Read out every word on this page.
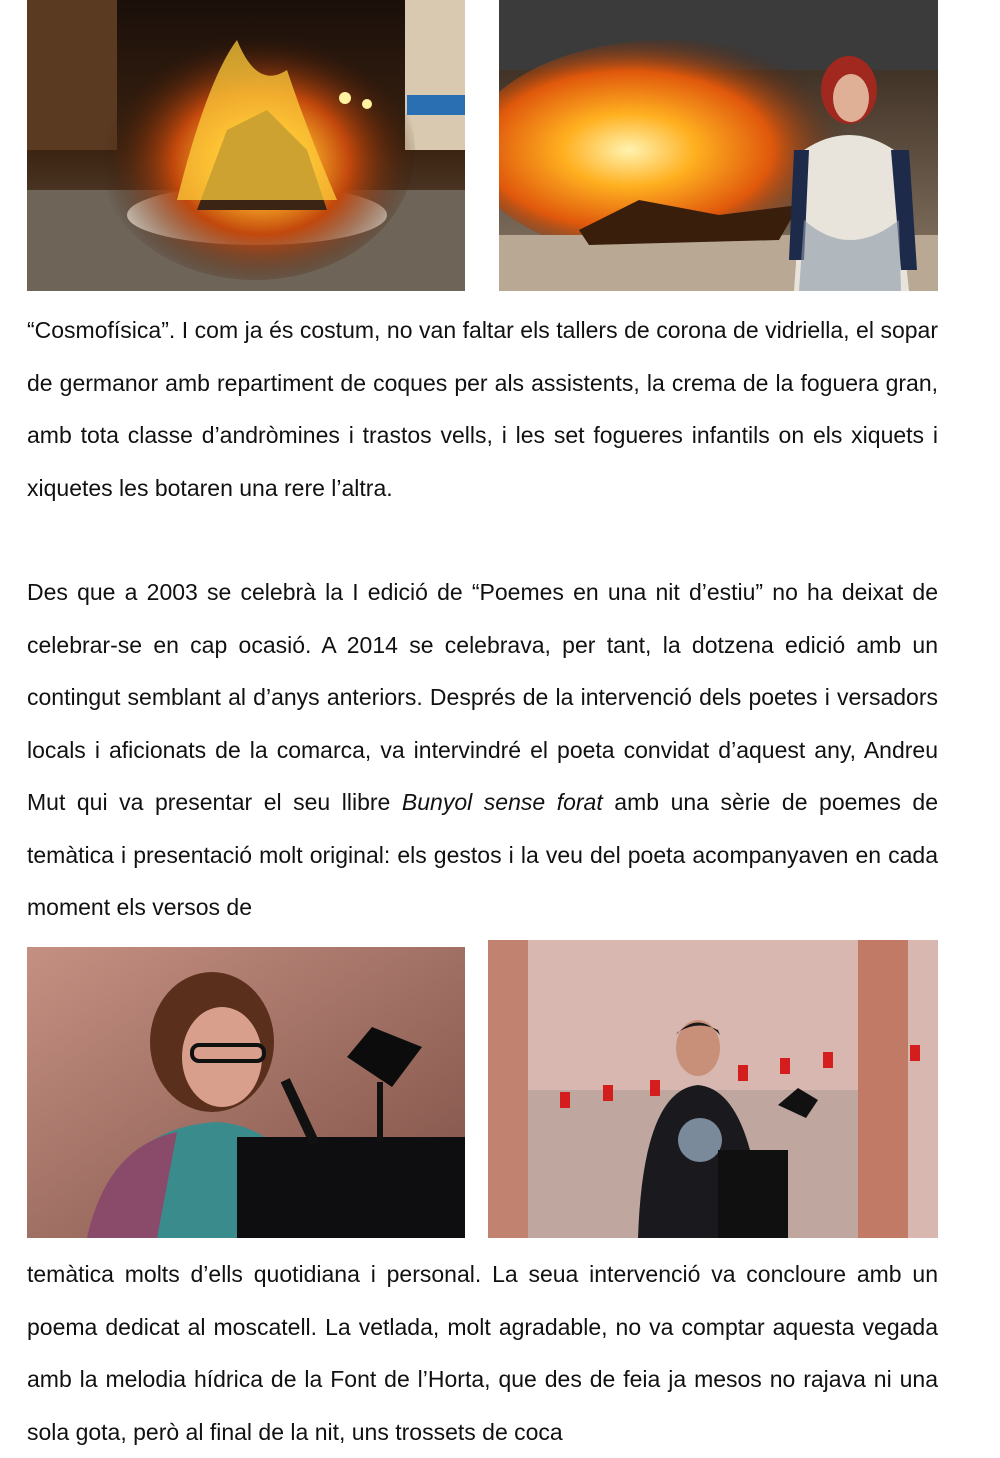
“Cosmofísica”. I com ja és costum, no van faltar els tallers de corona de vidriella, el sopar de germanor amb repartiment de coques per als assistents, la crema de la foguera gran, amb tota classe d’andròmines i trastos vells, i les set fogueres infantils on els xiquets i xiquetes les botaren una rere l’altra.

Des que a 2003 se celebrà la I edició de “Poemes en una nit d’estiu” no ha deixat de celebrar-se en cap ocasió. A 2014 se celebrava, per tant, la dotzena edició amb un contingut semblant al d’anys anteriors. Després de la intervenció dels poetes i versadors locals i aficionats de la comarca, va intervindré el poeta convidat d’aquest any, Andreu Mut qui va presentar el seu llibre Bunyol sense forat amb una sèrie de poemes de temàtica i presentació molt original: els gestos i la veu del poeta acompanyaven en cada moment els versos de

temàtica molts d’ells quotidiana i personal. La seua intervenció va concloure amb un poema dedicat al moscatell. La vetlada, molt agradable, no va comptar aquesta vegada amb la melodia hídrica de la Font de l’Horta, que des de feia ja mesos no rajava ni una sola gota, però al final de la nit, uns trossets de coca
